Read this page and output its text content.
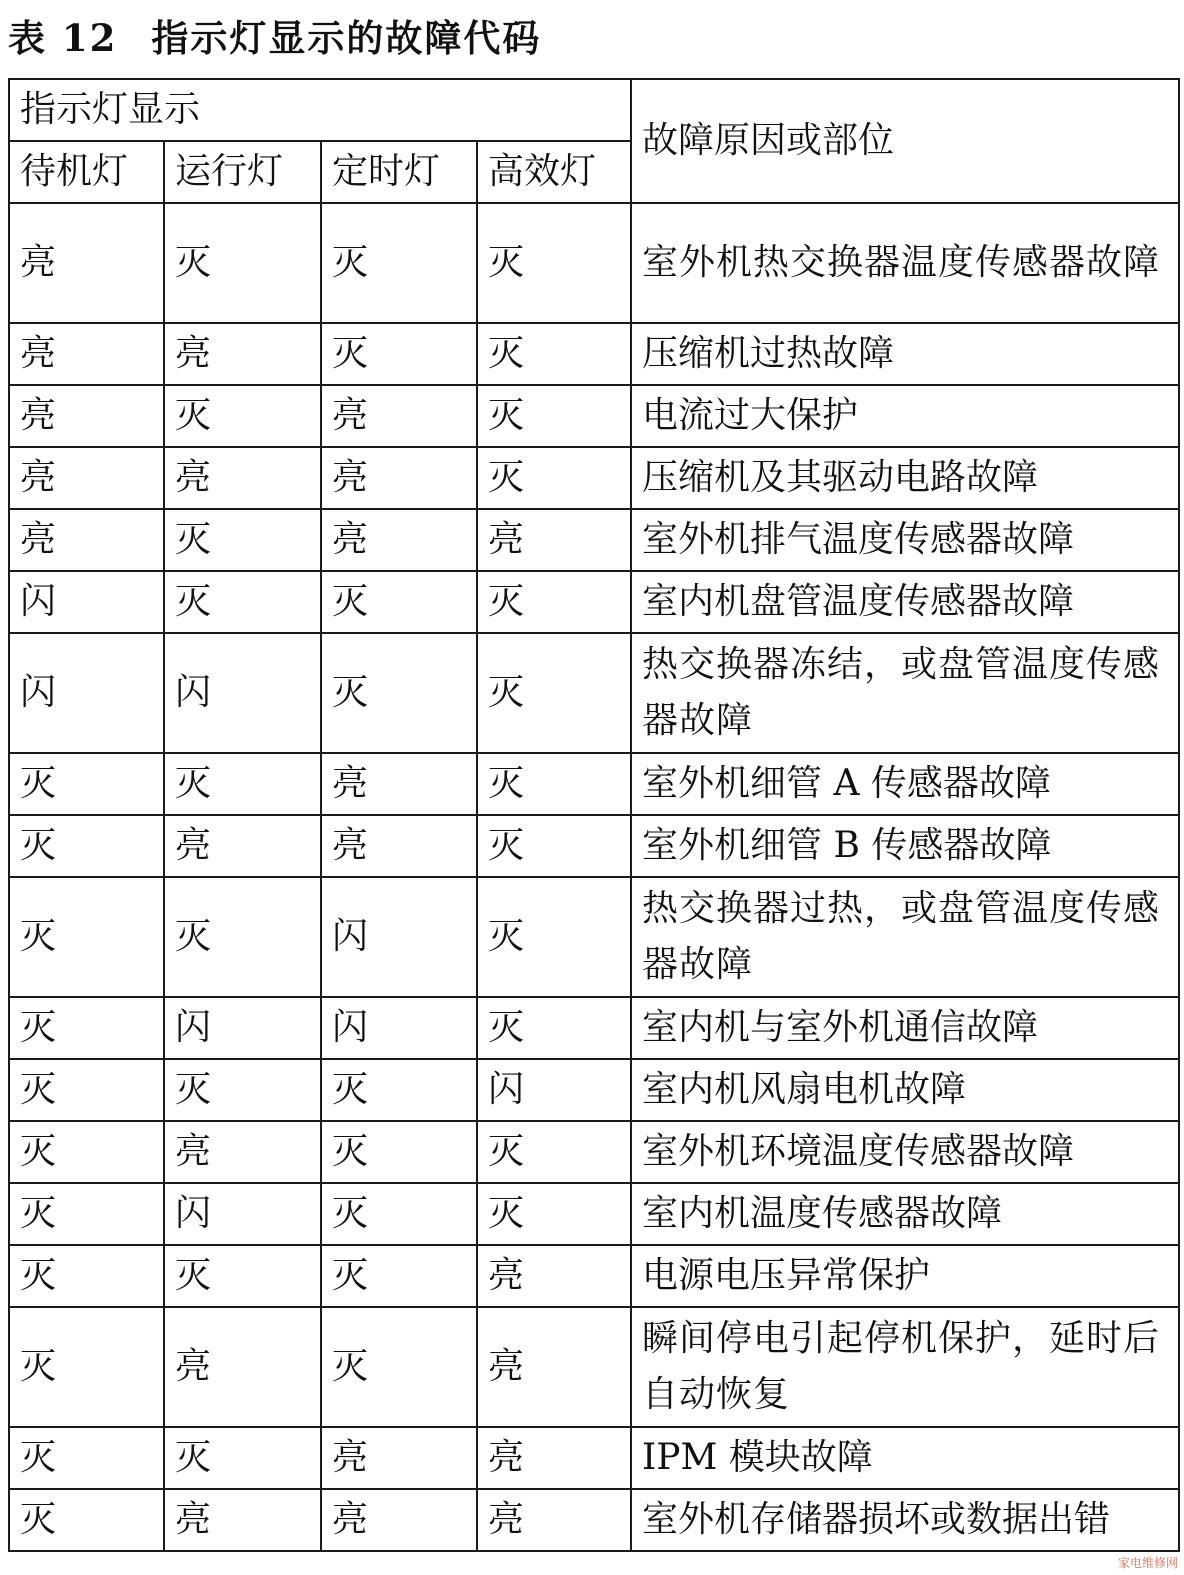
表 12 指示灯显示的故障代码
指示灯显示				故障原因或部位
待机灯	运行灯	定时灯	高效灯	
亮	灭	灭	灭	室外机热交换器温度传感器故障
亮	亮	灭	灭	压缩机过热故障
亮	灭	亮	灭	电流过大保护
亮	亮	亮	灭	压缩机及其驱动电路故障
亮	灭	亮	亮	室外机排气温度传感器故障
闪	灭	灭	灭	室内机盘管温度传感器故障
闪	闪	灭	灭	热交换器冻结，或盘管温度传感器故障
灭	灭	亮	灭	室外机细管 A 传感器故障
灭	亮	亮	灭	室外机细管 B 传感器故障
灭	灭	闪	灭	热交换器过热，或盘管温度传感器故障
灭	闪	闪	灭	室内机与室外机通信故障
灭	灭	灭	闪	室内机风扇电机故障
灭	亮	灭	灭	室外机环境温度传感器故障
灭	闪	灭	灭	室内机温度传感器故障
灭	灭	灭	亮	电源电压异常保护
灭	亮	灭	亮	瞬间停电引起停机保护，延时后自动恢复
灭	灭	亮	亮	IPM 模块故障
灭	亮	亮	亮	室外机存储器损坏或数据出错
家电维修网
